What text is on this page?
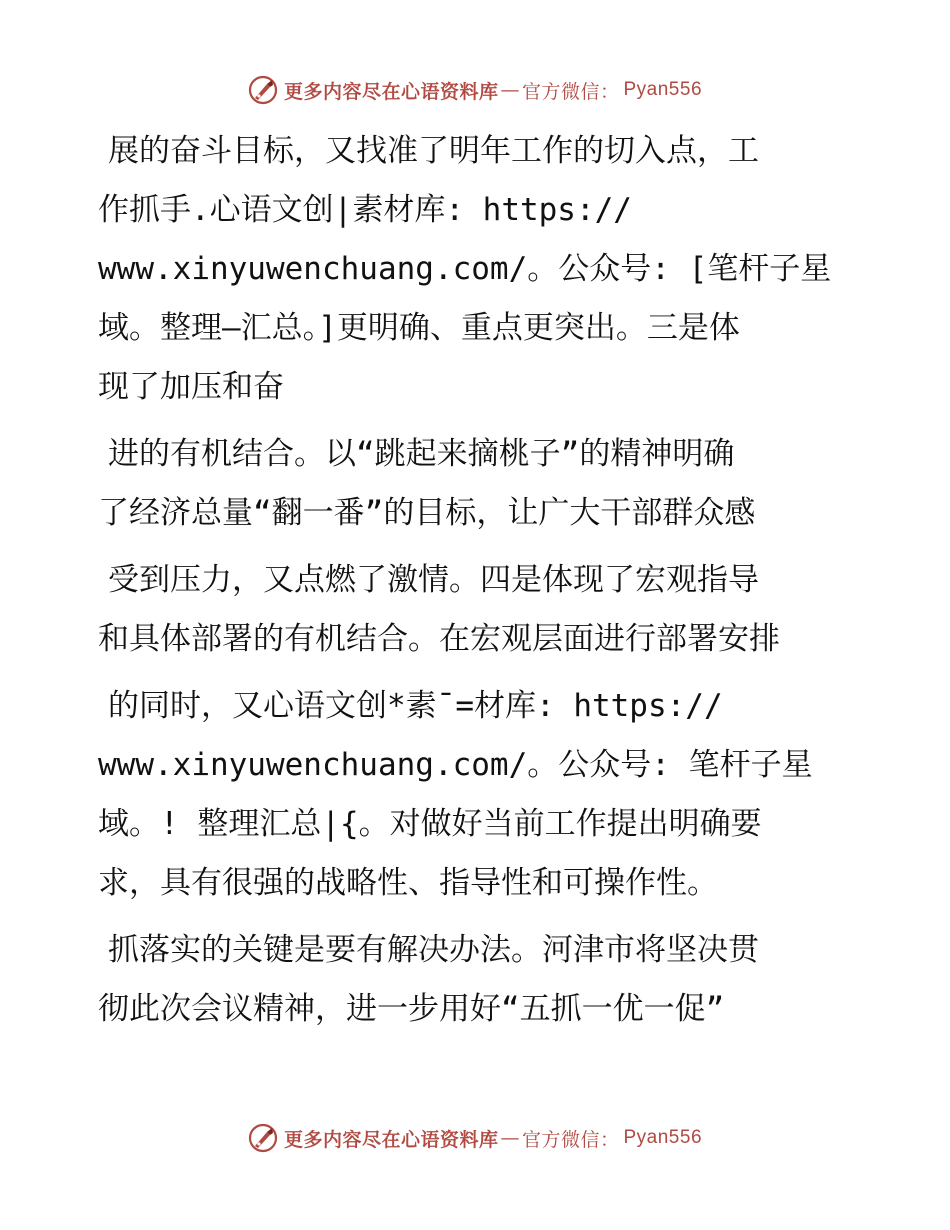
更多内容尽在心语资料库 — 官方微信： Pyan556
展的奋斗目标，又找准了明年工作的切入点，工
作抓手.心语文创|素材库: https://
www.xinyuwenchuang.com/。公众号: [笔杆子星
域。整理—汇总。]更明确、重点更突出。三是体
现了加压和奋
进的有机结合。以“跳起来摘桃子”的精神明确
了经济总量“翻一番”的目标，让广大干部群众感
受到压力，又点燃了激情。四是体现了宏观指导
和具体部署的有机结合。在宏观层面进行部署安排
的同时，又心语文创*素¯=材库: https://
www.xinyuwenchuang.com/。公众号: 笔杆子星
域。! 整理汇总|{。对做好当前工作提出明确要
求，具有很强的战略性、指导性和可操作性。
抓落实的关键是要有解决办法。河津市将坚决贯
彻此次会议精神，进一步用好“五抓一优一促”
更多内容尽在心语资料库 — 官方微信： Pyan556
